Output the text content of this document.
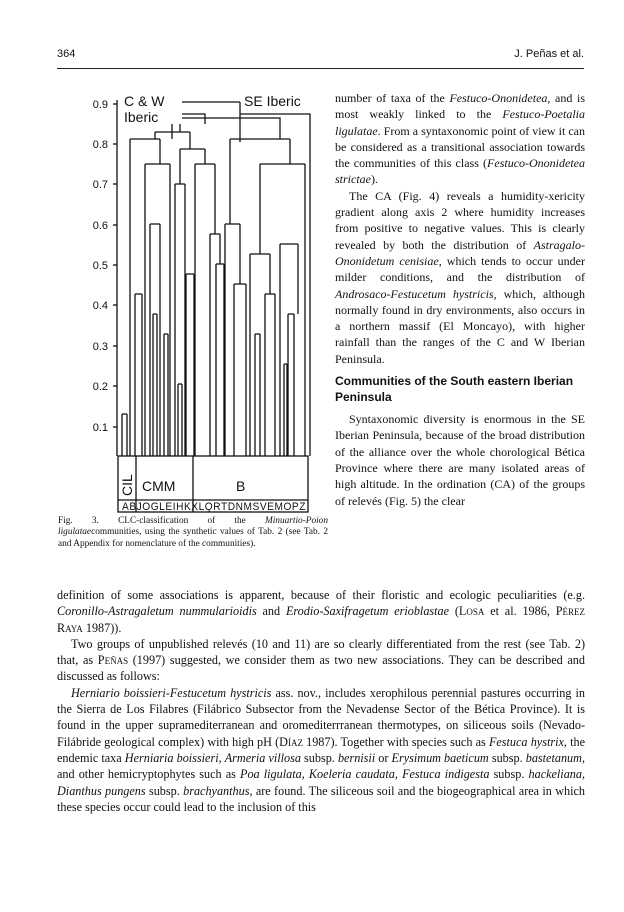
364	J. Peñas et al.
C & W
Iberic
SE Iberic
CMM	B
CIL
ABJOGLEIHKXLQRTDNMSVEMOPZ
0.9
0.8
0.7
0.6
0.5
0.4
0.3
0.2
0.1
Fig. 3. CLC-classification of the Minuartio-Poion ligulataecommunities, using the synthetic values of Tab. 2 (see Tab. 2 and Appendix for nomenclature of the communities).

number of taxa of the Festuco-Ononidetea, and is most weakly linked to the Festuco-Poetalia ligulatae. From a syntaxonomic point of view it can be considered as a transitional association towards the communities of this class (Festuco-Ononidetea strictae).

The CA (Fig. 4) reveals a humidity-xericity gradient along axis 2 where humidity increases from positive to negative values. This is clearly revealed by both the distribution of Astragalo-Ononidetum cenisiae, which tends to occur under milder conditions, and the distribution of Androsaco-Festucetum hystricis, which, although normally found in dry environments, also occurs in a northern massif (El Moncayo), with higher rainfall than the ranges of the C and W Iberian Peninsula.

Communities of the South eastern Iberian Peninsula

Syntaxonomic diversity is enormous in the SE Iberian Peninsula, because of the broad distribution of the alliance over the whole chorological Bética Province where there are many isolated areas of high altitude. In the ordination (CA) of the groups of relevés (Fig. 5) the clear

definition of some associations is apparent, because of their floristic and ecologic peculiarities (e.g. Coronillo-Astragaletum nummularioidis and Erodio-Saxifragetum erioblastae (Losa et al. 1986, Pérez Raya 1987)).

Two groups of unpublished relevés (10 and 11) are so clearly differentiated from the rest (see Tab. 2) that, as Peñas (1997) suggested, we consider them as two new associations. They can be described and discussed as follows:

Herniario boissieri-Festucetum hystricis ass. nov., includes xerophilous perennial pastures occurring in the Sierra de Los Filabres (Filábrico Subsector from the Nevadense Sector of the Bética Province). It is found in the upper supramediterranean and oromediterrranean thermotypes, on siliceous soils (Nevado-Filábride geological complex) with high pH (Díaz 1987). Together with species such as Festuca hystrix, the endemic taxa Herniaria boissieri, Armeria villosa subsp. bernisii or Erysimum baeticum subsp. bastetanum, and other hemicryptophytes such as Poa ligulata, Koeleria caudata, Festuca indigesta subsp. hackeliana, Dianthus pungens subsp. brachyanthus, are found. The siliceous soil and the biogeographical area in which these species occur could lead to the inclusion of this
